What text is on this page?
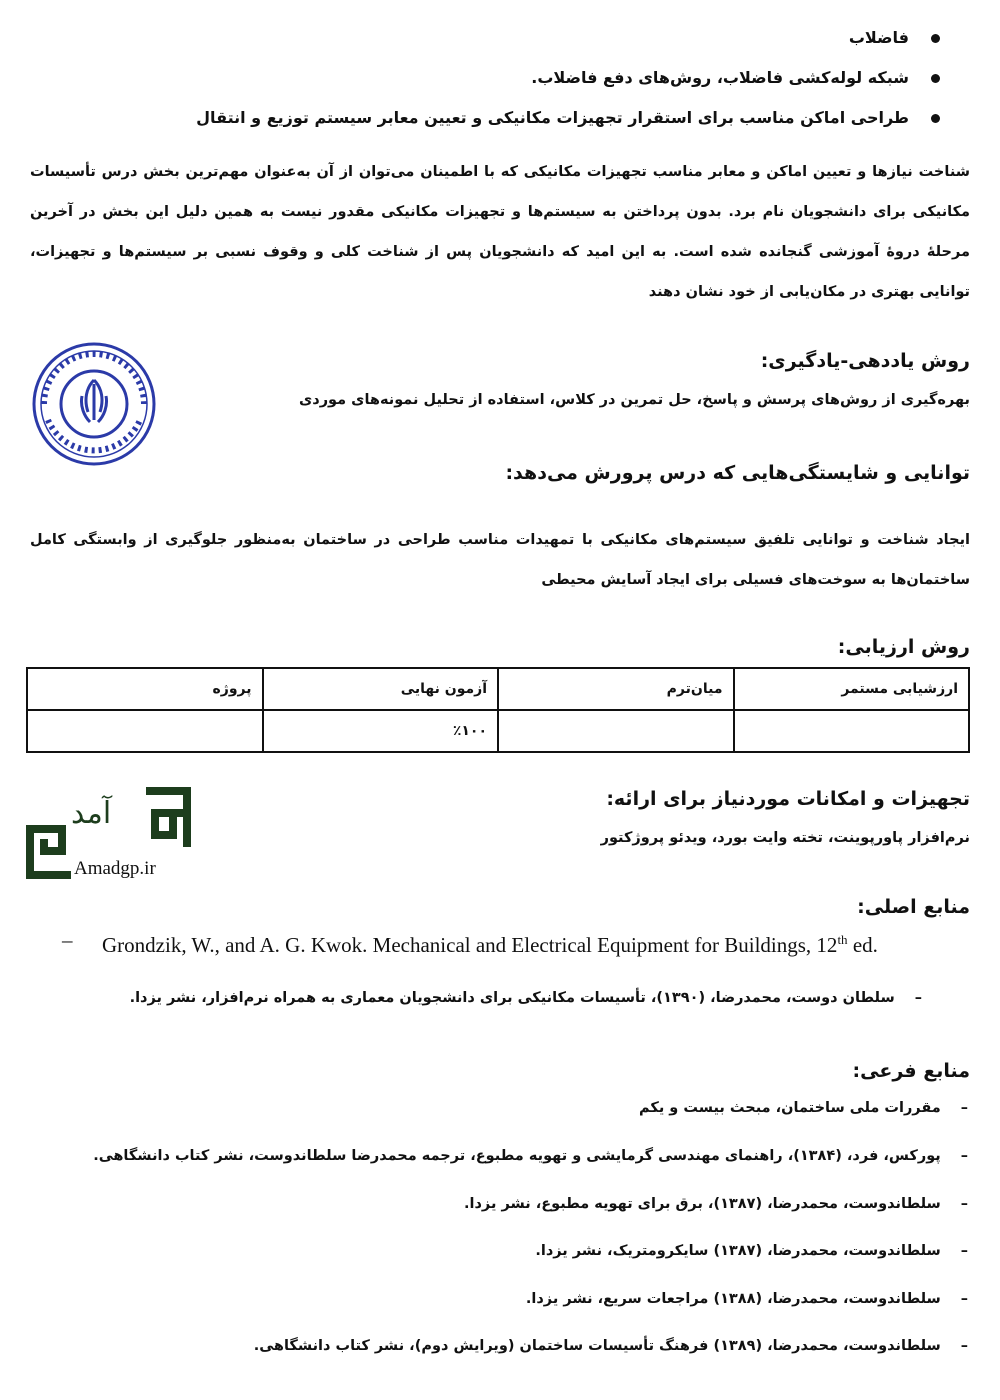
فاضلاب
شبکه لوله‌کشی فاضلاب، روش‌های دفع فاضلاب.
طراحی اماکن مناسب برای استقرار تجهیزات مکانیکی و تعیین معابر سیستم توزیع و انتقال
شناخت نیازها و تعیین اماکن و معابر مناسب تجهیزات مکانیکی که با اطمینان می‌توان از آن به‌عنوان مهم‌ترین بخش درس تأسیسات مکانیکی برای دانشجویان نام برد. بدون پرداختن به سیستم‌ها و تجهیزات مکانیکی مقدور نیست به همین دلیل این بخش در آخرین مرحلهٔ دروۀ آموزشی گنجانده شده است. به این امید که دانشجویان پس از شناخت کلی و وقوف نسبی بر سیستم‌ها و تجهیزات، توانایی بهتری در مکان‌یابی از خود نشان دهند
روش یاددهی-یادگیری:
بهره‌گیری از روش‌های پرسش و پاسخ، حل تمرین در کلاس، استفاده از تحلیل نمونه‌های موردی
توانایی و شایستگی‌هایی که درس پرورش می‌دهد:
ایجاد شناخت و توانایی تلفیق سیستم‌های مکانیکی با تمهیدات مناسب طراحی در ساختمان به‌منظور جلوگیری از وابستگی کامل ساختمان‌ها به سوخت‌های فسیلی برای ایجاد آسایش محیطی
روش ارزیابی:
ارزشیابی مستمر	میان‌ترم	آزمون نهایی	پروژه
		٪۱۰۰	
تجهیزات و امکانات موردنیاز برای ارائه:
نرم‌افزار پاورپوینت، تخته وایت بورد، ویدئو پروژکتور
آمد
Amadgp.ir
منابع اصلی:
– Grondzik, W., and A. G. Kwok. Mechanical and Electrical Equipment for Buildings, 12th ed.
–سلطان دوست، محمدرضا، (۱۳۹۰)، تأسیسات مکانیکی برای دانشجویان معماری به همراه نرم‌افزار، نشر یزدا.
منابع فرعی:
–مقررات ملی ساختمان، مبحث بیست و یکم
–پورکس، فرد، (۱۳۸۴)، راهنمای مهندسی گرمایشی و تهویه مطبوع، ترجمه محمدرضا سلطاندوست، نشر کتاب دانشگاهی.
–سلطاندوست، محمدرضا، (۱۳۸۷)، برق برای تهویه مطبوع، نشر یزدا.
–سلطاندوست، محمدرضا، (۱۳۸۷) سایکرومتریک، نشر یزدا.
–سلطاندوست، محمدرضا، (۱۳۸۸) مراجعات سریع، نشر یزدا.
–سلطاندوست، محمدرضا، (۱۳۸۹) فرهنگ تأسیسات ساختمان (ویرایش دوم)، نشر کتاب دانشگاهی.
